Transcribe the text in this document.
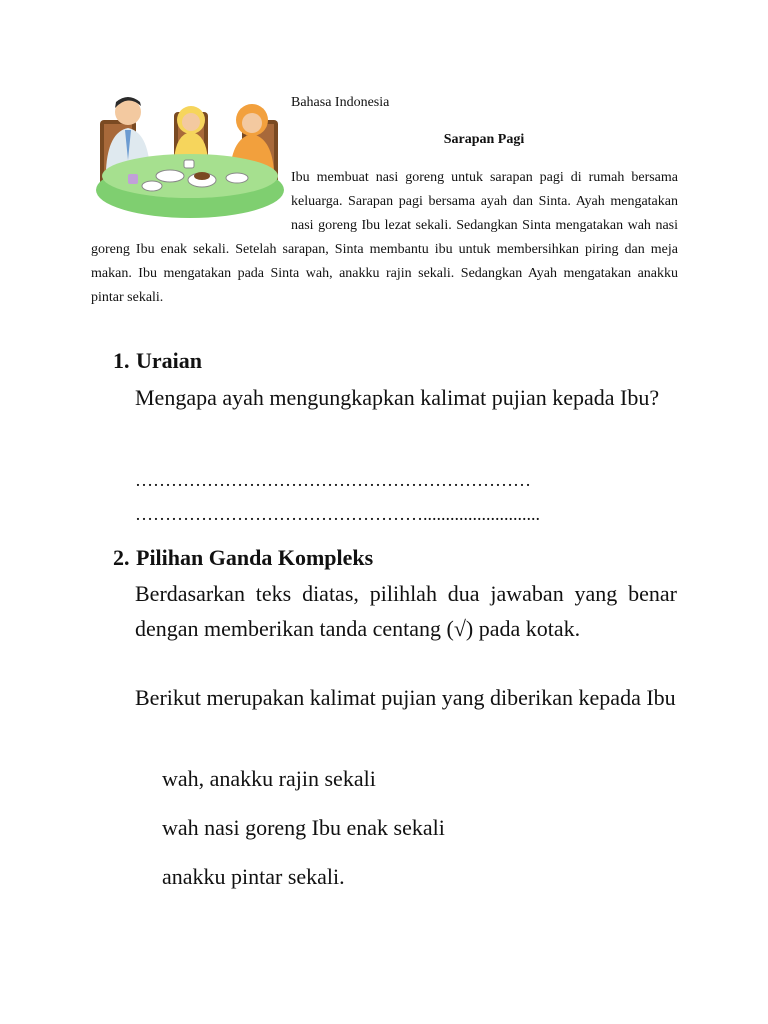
Bahasa Indonesia
Sarapan Pagi
Ibu membuat nasi goreng untuk sarapan pagi di rumah bersama keluarga. Sarapan pagi bersama ayah dan Sinta. Ayah mengatakan nasi goreng Ibu lezat sekali. Sedangkan Sinta mengatakan wah nasi goreng Ibu enak sekali. Setelah sarapan, Sinta membantu ibu untuk membersihkan piring dan meja makan. Ibu mengatakan pada Sinta wah, anakku rajin sekali. Sedangkan Ayah mengatakan anakku pintar sekali.
1. Uraian
Mengapa ayah mengungkapkan kalimat pujian kepada Ibu?
…………………………………………………………
…………………………………………..........................
2. Pilihan Ganda Kompleks
Berdasarkan teks diatas, pilihlah dua jawaban yang benar dengan memberikan tanda centang (√) pada kotak.
Berikut merupakan kalimat pujian yang diberikan kepada Ibu
wah, anakku rajin sekali
wah nasi goreng Ibu enak sekali
anakku pintar sekali.
